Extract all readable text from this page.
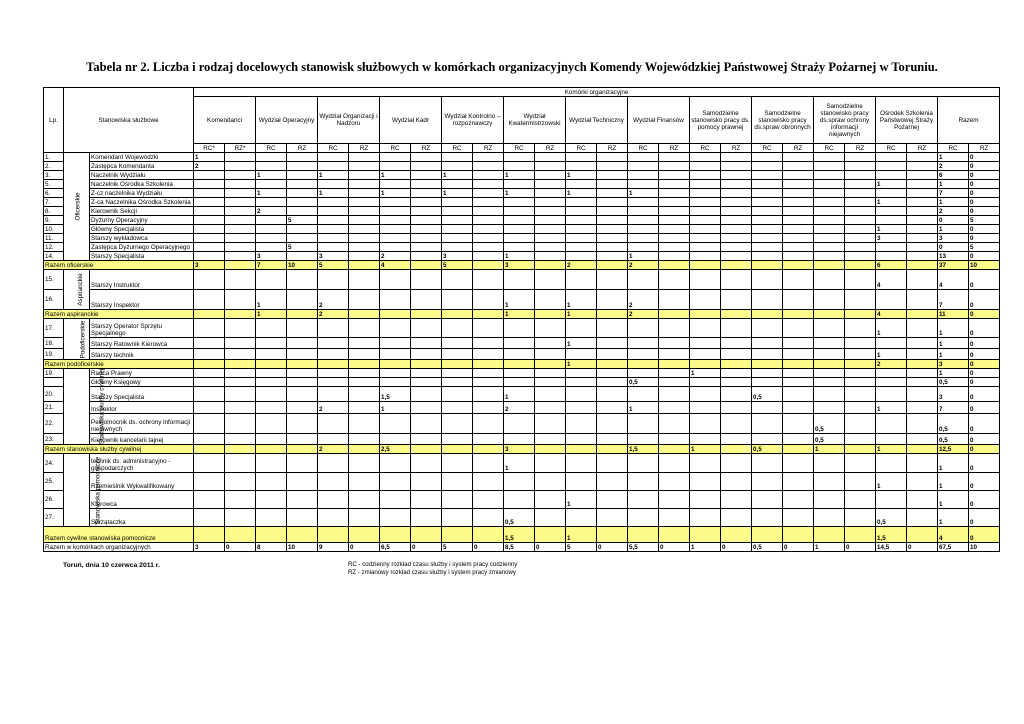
Tabela nr 2. Liczba i rodzaj docelowych stanowisk służbowych w komórkach organizacyjnych Komendy Wojewódzkiej Państwowej Straży Pożarnej w Toruniu.
Lp.	Stanowiska służbowe		Komórki organizacyjne																									
			Komendanci		Wydział Operacyjny		Wydział Organizacji i Nadzoru		Wydział Kadr		Wydział Kontrolno – rozpoznawczy		Wydział Kwatermistrzowski		Wydział Techniczny		Wydział Finansów		Samodzielne stanowisko pracy ds. pomocy prawnej		Samodzielne stanowisko pracy ds.spraw obronnych		Samodzielne stanowisko pracy ds.spraw ochrony informacji niejawnych		Ośrodek Szkolenia Państwowej Straży Pożarnej		Razem	
			RC*	RZ*	RC	RZ	RC	RZ	RC	RZ	RC	RZ	RC	RZ	RC	RZ	RC	RZ	RC	RZ	RC	RZ	RC	RZ	RC	RZ	RC	RZ
1.	Oficerskie	Komendant Wojewódzki	1																								1	0
2.		Zastępca Komendanta	2																								2	0
3.		Naczelnik Wydziału			1		1		1		1		1		1												6	0
5.		Naczelnik Ośrodka Szkolenia																							1		1	0
6.		Z-cz naczelnika Wydziału			1		1		1		1		1		1		1										7	0
7.		Z-ca Naczelnika Ośrodka Szkolenia																							1		1	0
8.		Kierownik Sekcji			2																						2	0
9.		Dyżurny Operacyjny				5																					0	5
10.		Główny Specjalista																							1		1	0
11.		Starszy wykładowca																							3		3	0
12.		Zastępca Dyżurnego Operacyjnego				5																					0	5
14.		Starszy Specjalista			3		3		2		3		1				1										13	0
Razem oficerskie			3		7	10	5		4		5		3		2		2								6		37	10
15.	Aspiranckie	Starszy Instruktor																							4		4	0
16.		Starszy Inspektor			1		2						1		1		2										7	0
Razem aspiranckie					1		2						1		1		2								4		11	0
17.	Podoficerskie	Starszy Operator Sprzętu Specjalnego																							1		1	0
18.		Starszy Ratownik Kierowca													1												1	0
19.		Starszy technik																							1		1	0
Razem podoficerskie															1										2		3	0
19.	Stanowiska służby cywilnej	Radca Prawny																	1								1	0
		Główny Księgowy															0,5										0,5	0
20.		Starszy Specjalista							1,5				1								0,5						3	0
21.		Inspektor					2		1				2				1								1		7	0
22.		Pełnomocnik ds. ochrony informacji niejawnych																					0,5				0,5	0
23.		Kierownik kancelarii tajnej																					0,5				0,5	0
Razem stanowiska służby cywilnej							2		2,5				3				1,5		1		0,5		1		1		12,5	0
24.	Stanowiska pomocnicze	technik ds. administracyjno - gospodarczych											1														1	0
25.		Rzemieślnik Wykwalifikowany																							1		1	0
26.		Kierowca													1												1	0
27.		Sprzątaczka											0,5												0,5		1	0
Razem cywilne stanowiska pomocnicze													1,5		1										1,5		4	0
Razem w komórkach organizacyjnych			3	0	8	10	9	0	6,5	0	5	0	8,5	0	5	0	5,5	0	1	0	0,5	0	1	0	14,5	0	67,5	10
Toruń, dnia 10 czerwca 2011 r.	RC - codzienny rozkład czasu służby i system pracy codzienny
RZ - zmianowy rozkład czasu służby i system pracy zmianowy
